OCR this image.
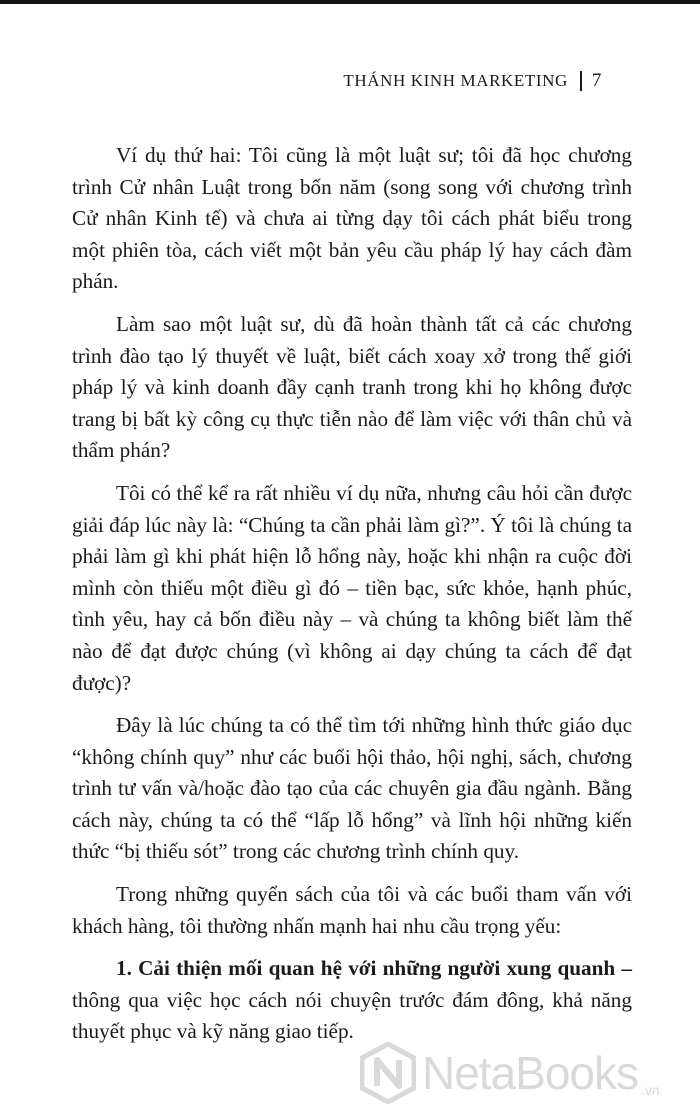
THÁNH KINH MARKETING 7

Ví dụ thứ hai: Tôi cũng là một luật sư; tôi đã học chương trình Cử nhân Luật trong bốn năm (song song với chương trình Cử nhân Kinh tế) và chưa ai từng dạy tôi cách phát biểu trong một phiên tòa, cách viết một bản yêu cầu pháp lý hay cách đàm phán.

Làm sao một luật sư, dù đã hoàn thành tất cả các chương trình đào tạo lý thuyết về luật, biết cách xoay xở trong thế giới pháp lý và kinh doanh đầy cạnh tranh trong khi họ không được trang bị bất kỳ công cụ thực tiễn nào để làm việc với thân chủ và thẩm phán?

Tôi có thể kể ra rất nhiều ví dụ nữa, nhưng câu hỏi cần được giải đáp lúc này là: “Chúng ta cần phải làm gì?”. Ý tôi là chúng ta phải làm gì khi phát hiện lỗ hổng này, hoặc khi nhận ra cuộc đời mình còn thiếu một điều gì đó – tiền bạc, sức khỏe, hạnh phúc, tình yêu, hay cả bốn điều này – và chúng ta không biết làm thế nào để đạt được chúng (vì không ai dạy chúng ta cách để đạt được)?

Đây là lúc chúng ta có thể tìm tới những hình thức giáo dục “không chính quy” như các buổi hội thảo, hội nghị, sách, chương trình tư vấn và/hoặc đào tạo của các chuyên gia đầu ngành. Bằng cách này, chúng ta có thể “lấp lỗ hổng” và lĩnh hội những kiến thức “bị thiếu sót” trong các chương trình chính quy.

Trong những quyển sách của tôi và các buổi tham vấn với khách hàng, tôi thường nhấn mạnh hai nhu cầu trọng yếu:

1. Cải thiện mối quan hệ với những người xung quanh – thông qua việc học cách nói chuyện trước đám đông, khả năng thuyết phục và kỹ năng giao tiếp.

NetaBooks .vn
